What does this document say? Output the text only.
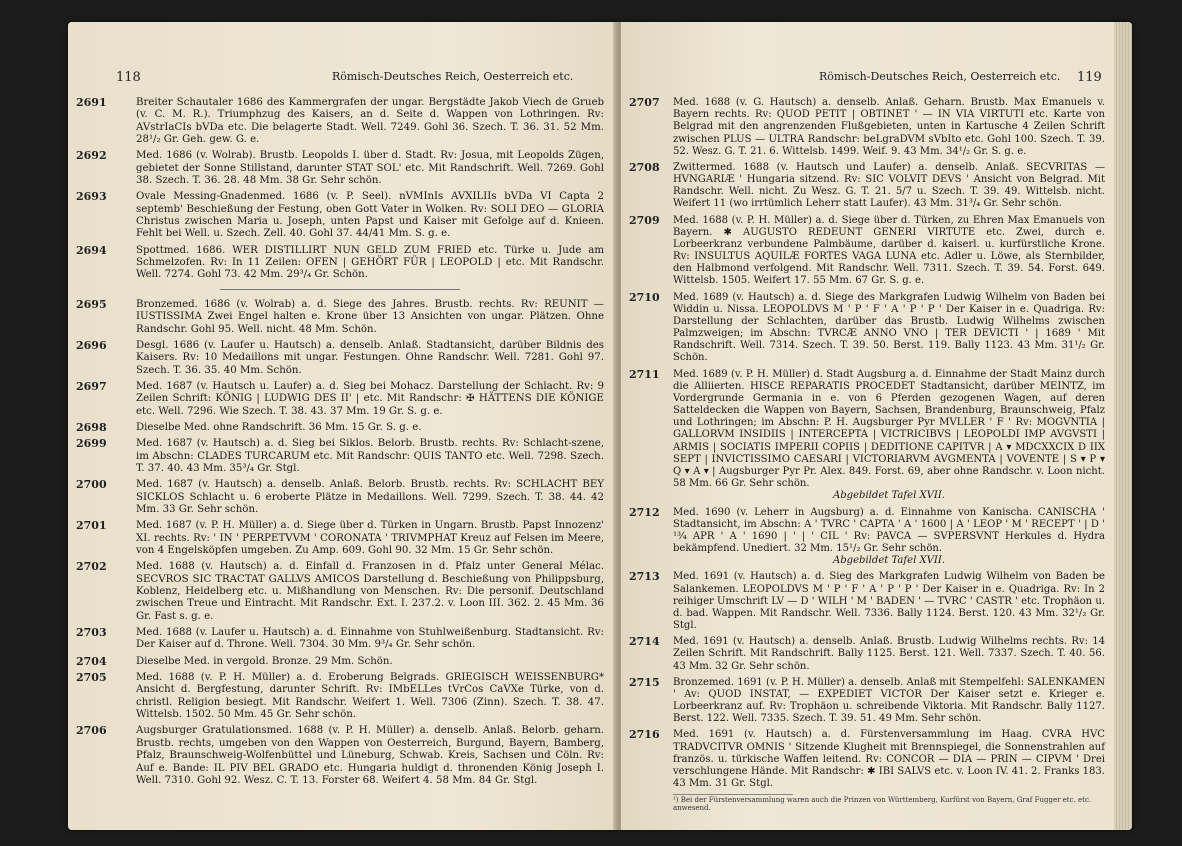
118	Römisch-Deutsches Reich, Oesterreich etc.
2691	Breiter Schautaler 1686 des Kammergrafen der ungar. Bergstädte Jakob Viech de Grueb (v. C. M. R.). Triumphzug des Kaisers, an d. Seite d. Wappen von Lothringen. Rv: AVstrIaCIs bVDa etc. Die belagerte Stadt. Well. 7249. Gohl 36. Szech. T. 36. 31. 52 Mm. 28¹/₂ Gr. Geh. gew. G. e.
2692	Med. 1686 (v. Wolrab). Brustb. Leopolds I. über d. Stadt. Rv: Josua, mit Leopolds Zügen, gebietet der Sonne Stillstand, darunter STAT SOL' etc. Mit Randschrift. Well. 7269. Gohl 38. Szech. T. 36. 28. 48 Mm. 38 Gr. Sehr schön.
2693	Ovale Messing-Gnadenmed. 1686 (v. P. Seel). nVMInIs AVXILIIs bVDa VI Capta 2 septemb' Beschießung der Festung, oben Gott Vater in Wolken. Rv: SOLI DEO — GLORIA Christus zwischen Maria u. Joseph, unten Papst und Kaiser mit Gefolge auf d. Knieen. Fehlt bei Well. u. Szech. Zell. 40. Gohl 37. 44/41 Mm. S. g. e.
2694	Spottmed. 1686. WER DISTILLIRT NUN GELD ZUM FRIED etc. Türke u. Jude am Schmelzofen. Rv: In 11 Zeilen: OFEN | GEHÖRT FÜR | LEOPOLD | etc. Mit Randschr. Well. 7274. Gohl 73. 42 Mm. 29³/₄ Gr. Schön.
2695	Bronzemed. 1686 (v. Wolrab) a. d. Siege des Jahres. Brustb. rechts. Rv: REUNIT — IUSTISSIMA Zwei Engel halten e. Krone über 13 Ansichten von ungar. Plätzen. Ohne Randschr. Gohl 95. Well. nicht. 48 Mm. Schön.
2696	Desgl. 1686 (v. Laufer u. Hautsch) a. denselb. Anlaß. Stadtansicht, darüber Bildnis des Kaisers. Rv: 10 Medaillons mit ungar. Festungen. Ohne Randschr. Well. 7281. Gohl 97. Szech. T. 36. 35. 40 Mm. Schön.
2697	Med. 1687 (v. Hautsch u. Laufer) a. d. Sieg bei Mohacz. Darstellung der Schlacht. Rv: 9 Zeilen Schrift: KÖNIG | LUDWIG DES II' | etc. Mit Randschr: ✠ HÄTTENS DIE KÖNIGE etc. Well. 7296. Wie Szech. T. 38. 43. 37 Mm. 19 Gr. S. g. e.
2698	Dieselbe Med. ohne Randschrift. 36 Mm. 15 Gr. S. g. e.
2699	Med. 1687 (v. Hautsch) a. d. Sieg bei Siklos. Belorb. Brustb. rechts. Rv: Schlacht-szene, im Abschn: CLADES TURCARUM etc. Mit Randschr: QUIS TANTO etc. Well. 7298. Szech. T. 37. 40. 43 Mm. 35³/₄ Gr. Stgl.
2700	Med. 1687 (v. Hautsch) a. denselb. Anlaß. Belorb. Brustb. rechts. Rv: SCHLACHT BEY SICKLOS Schlacht u. 6 eroberte Plätze in Medaillons. Well. 7299. Szech. T. 38. 44. 42 Mm. 33 Gr. Sehr schön.
2701	Med. 1687 (v. P. H. Müller) a. d. Siege über d. Türken in Ungarn. Brustb. Papst Innozenz' XI. rechts. Rv: ' IN ' PERPETVVM ' CORONATA ' TRIVMPHAT Kreuz auf Felsen im Meere, von 4 Engelsköpfen umgeben. Zu Amp. 609. Gohl 90. 32 Mm. 15 Gr. Sehr schön.
2702	Med. 1688 (v. Hautsch) a. d. Einfall d. Franzosen in d. Pfalz unter General Mélac. SECVROS SIC TRACTAT GALLVS AMICOS Darstellung d. Beschießung von Philippsburg, Koblenz, Heidelberg etc. u. Mißhandlung von Menschen. Rv: Die personif. Deutschland zwischen Treue und Eintracht. Mit Randschr. Ext. I. 237.2. v. Loon III. 362. 2. 45 Mm. 36 Gr. Fast s. g. e.
2703	Med. 1688 (v. Laufer u. Hautsch) a. d. Einnahme von Stuhlweißenburg. Stadtansicht. Rv: Der Kaiser auf d. Throne. Well. 7304. 30 Mm. 9³/₄ Gr. Sehr schön.
2704	Dieselbe Med. in vergold. Bronze. 29 Mm. Schön.
2705	Med. 1688 (v. P. H. Müller) a. d. Eroberung Belgrads. GRIEGISCH WEISSENBURG* Ansicht d. Bergfestung, darunter Schrift. Rv: IMbELLes tVrCos CaVXe Türke, von d. christl. Religion besiegt. Mit Randschr. Weifert 1. Well. 7306 (Zinn). Szech. T. 38. 47. Wittelsb. 1502. 50 Mm. 45 Gr. Sehr schön.
2706	Augsburger Gratulationsmed. 1688 (v. P. H. Müller) a. denselb. Anlaß. Belorb. geharn. Brustb. rechts, umgeben von den Wappen von Oesterreich, Burgund, Bayern, Bamberg, Pfalz, Braunschweig-Wolfenbüttel und Lüneburg, Schwab. Kreis, Sachsen und Cöln. Rv: Auf e. Bande: IL PIV BEL GRADO etc. Hungaria huldigt d. thronenden König Joseph I. Well. 7310. Gohl 92. Wesz. C. T. 13. Forster 68. Weifert 4. 58 Mm. 84 Gr. Stgl.
Römisch-Deutsches Reich, Oesterreich etc. 119
2707 Med. 1688 (v. G. Hautsch) a. denselb. Anlaß. Geharn. Brustb. Max Emanuels v. Bayern rechts. Rv: QUOD PETIT | OBTINET ' — IN VIA VIRTUTI etc. Karte von Belgrad mit den angrenzenden Flußgebieten, unten in Kartusche 4 Zeilen Schrift zwischen PLUS — ULTRA Randschr: beLgraDVM sVbIto etc. Gohl 100. Szech. T. 39. 52. Wesz. G. T. 21. 6. Wittelsb. 1499. Weif. 9. 43 Mm. 34¹/₂ Gr. S. g. e.
2708 Zwittermed. 1688 (v. Hautsch und Laufer) a. denselb. Anlaß. SECVRITAS — HVNGARIÆ ' Hungaria sitzend. Rv: SIC VOLVIT DEVS ' Ansicht von Belgrad. Mit Randschr. Well. nicht. Zu Wesz. G. T. 21. 5/7 u. Szech. T. 39. 49. Wittelsb. nicht. Weifert 11 (wo irrtümlich Leherr statt Laufer). 43 Mm. 31³/₄ Gr. Sehr schön.
2709 Med. 1688 (v. P. H. Müller) a. d. Siege über d. Türken, zu Ehren Max Emanuels von Bayern. ✱ AUGUSTO REDEUNT GENERI VIRTUTE etc. Zwei, durch e. Lorbeerkranz verbundene Palmbäume, darüber d. kaiserl. u. kurfürstliche Krone. Rv: INSULTUS AQUILÆ FORTES VAGA LUNA etc. Adler u. Löwe, als Sternbilder, den Halbmond verfolgend. Mit Randschr. Well. 7311. Szech. T. 39. 54. Forst. 649. Wittelsb. 1505. Weifert 17. 55 Mm. 67 Gr. S. g. e.
2710 Med. 1689 (v. Hautsch) a. d. Siege des Markgrafen Ludwig Wilhelm von Baden bei Widdin u. Nissa. LEOPOLDVS M ' P ' F ' A ' P ' P ' Der Kaiser in e. Quadriga. Rv: Darstellung der Schlachten, darüber das Brustb. Ludwig Wilhelms zwischen Palmzweigen; im Abschn: TVRCÆ ANNO VNO | TER DEVICTI ' | 1689 ' Mit Randschrift. Well. 7314. Szech. T. 39. 50. Berst. 119. Bally 1123. 43 Mm. 31¹/₂ Gr. Schön.
2711 Med. 1689 (v. P. H. Müller) d. Stadt Augsburg a. d. Einnahme der Stadt Mainz durch die Alliierten. HISCE REPARATIS PROCEDET Stadtansicht, darüber MEINTZ, im Vordergrunde Germania in e. von 6 Pferden gezogenen Wagen, auf deren Satteldecken die Wappen von Bayern, Sachsen, Brandenburg, Braunschweig, Pfalz und Lothringen; im Abschn: P. H. Augsburger Pyr MVLLER ' F ' Rv: MOGVNTIA | GALLORVM INSIDIIS | INTERCEPTA | VICTRICIBVS | LEOPOLDI IMP AVGVSTI | ARMIS | SOCIATIS IMPERII COPIIS | DEDITIONE CAPITVR | A ▾ MDCXXCIX D IIX SEPT | INVICTISSIMO CAESARI | VICTORIARVM AVGMENTA | VOVENTE | S ▾ P ▾ Q ▾ A ▾ | Augsburger Pyr Pr. Alex. 849. Forst. 69, aber ohne Randschr. v. Loon nicht. 58 Mm. 66 Gr. Sehr schön.
Abgebildet Tafel XVII.
2712 Med. 1690 (v. Leherr in Augsburg) a. d. Einnahme von Kanischa. CANISCHA ' Stadtansicht, im Abschn: A ' TVRC ' CAPTA ' A ' 1600 | A ' LEOP ' M ' RECEPT ' | D ' ¹³⁄₄ APR ' A ' 1690 | ' | ' CIL ' Rv: PAVCA — SVPERSVNT Herkules d. Hydra bekämpfend. Unediert. 32 Mm. 15¹/₂ Gr. Sehr schön.
Abgebildet Tafel XVII.
2713 Med. 1691 (v. Hautsch) a. d. Sieg des Markgrafen Ludwig Wilhelm von Baden be Salankemen. LEOPOLDVS M ' P ' F ' A ' P ' P ' Der Kaiser in e. Quadriga. Rv: In 2 reihiger Umschrift LV — D ' WILH ' M ' BADEN ' — TVRC ' CASTR ' etc. Trophäon u. d. bad. Wappen. Mit Randschr. Well. 7336. Bally 1124. Berst. 120. 43 Mm. 32¹/₂ Gr. Stgl.
2714 Med. 1691 (v. Hautsch) a. denselb. Anlaß. Brustb. Ludwig Wilhelms rechts. Rv: 14 Zeilen Schrift. Mit Randschrift. Bally 1125. Berst. 121. Well. 7337. Szech. T. 40. 56. 43 Mm. 32 Gr. Sehr schön.
2715 Bronzemed. 1691 (v. P. H. Müller) a. denselb. Anlaß mit Stempelfehl: SALENKAMEN ' Av: QUOD INSTAT, — EXPEDIET VICTOR Der Kaiser setzt e. Krieger e. Lorbeerkranz auf. Rv: Trophäon u. schreibende Viktoria. Mit Randschr. Bally 1127. Berst. 122. Well. 7335. Szech. T. 39. 51. 49 Mm. Sehr schön.
2716 Med. 1691 (v. Hautsch) a. d. Fürstenversammlung im Haag. CVRA HVC TRADVCITVR OMNIS ' Sitzende Klugheit mit Brennspiegel, die Sonnenstrahlen auf französ. u. türkische Waffen leitend. Rv: CONCOR — DIA — PRIN — CIPVM ' Drei verschlungene Hände. Mit Randschr: ✱ IBI SALVS etc. v. Loon IV. 41. 2. Franks 183. 43 Mm. 31 Gr. Stgl.
¹) Bei der Fürstenversammlung waren auch die Prinzen von Württemberg, Kurfürst von Bayern, Graf Fugger etc. etc. anwesend.
